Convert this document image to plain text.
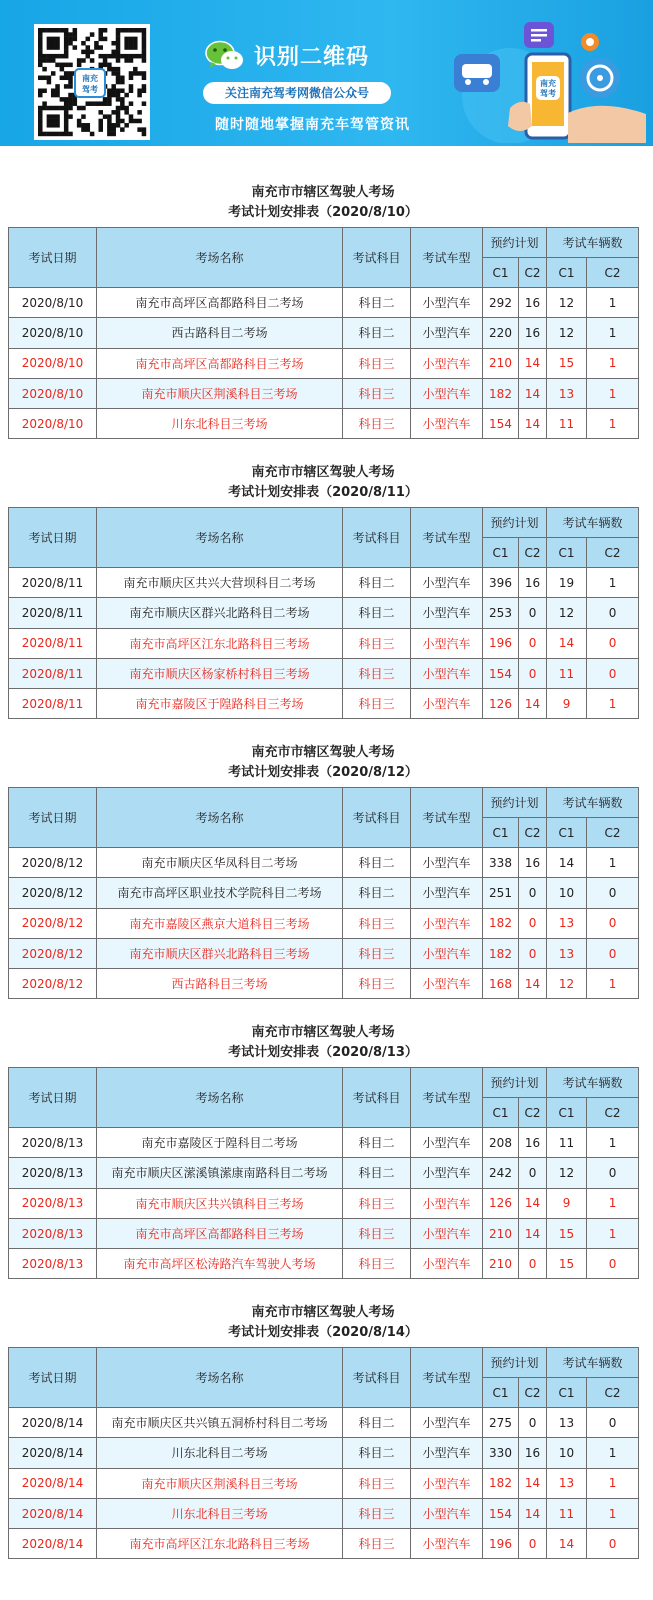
南充
驾考
识别二维码
关注南充驾考网微信公众号
随时随地掌握南充车驾管资讯
南充
驾考
南充市市辖区驾驶人考场
考试计划安排表（2020/8/10）
考试日期	考场名称	考试科目	考试车型	预约计划		考试车辆数	
				C1	C2	C1	C2
2020/8/10	南充市高坪区高都路科目二考场	科目二	小型汽车	292	16	12	1
2020/8/10	西古路科目二考场	科目二	小型汽车	220	16	12	1
2020/8/10	南充市高坪区高都路科目三考场	科目三	小型汽车	210	14	15	1
2020/8/10	南充市顺庆区荆溪科目三考场	科目三	小型汽车	182	14	13	1
2020/8/10	川东北科目三考场	科目三	小型汽车	154	14	11	1
南充市市辖区驾驶人考场
考试计划安排表（2020/8/11）
考试日期	考场名称	考试科目	考试车型	预约计划		考试车辆数	
				C1	C2	C1	C2
2020/8/11	南充市顺庆区共兴大营坝科目二考场	科目二	小型汽车	396	16	19	1
2020/8/11	南充市顺庆区群兴北路科目二考场	科目二	小型汽车	253	0	12	0
2020/8/11	南充市高坪区江东北路科目三考场	科目三	小型汽车	196	0	14	0
2020/8/11	南充市顺庆区杨家桥村科目三考场	科目三	小型汽车	154	0	11	0
2020/8/11	南充市嘉陵区于隍路科目三考场	科目三	小型汽车	126	14	9	1
南充市市辖区驾驶人考场
考试计划安排表（2020/8/12）
考试日期	考场名称	考试科目	考试车型	预约计划		考试车辆数	
				C1	C2	C1	C2
2020/8/12	南充市顺庆区华凤科目二考场	科目二	小型汽车	338	16	14	1
2020/8/12	南充市高坪区职业技术学院科目二考场	科目二	小型汽车	251	0	10	0
2020/8/12	南充市嘉陵区燕京大道科目三考场	科目三	小型汽车	182	0	13	0
2020/8/12	南充市顺庆区群兴北路科目三考场	科目三	小型汽车	182	0	13	0
2020/8/12	西古路科目三考场	科目三	小型汽车	168	14	12	1
南充市市辖区驾驶人考场
考试计划安排表（2020/8/13）
考试日期	考场名称	考试科目	考试车型	预约计划		考试车辆数	
				C1	C2	C1	C2
2020/8/13	南充市嘉陵区于隍科目二考场	科目二	小型汽车	208	16	11	1
2020/8/13	南充市顺庆区潆溪镇潆康南路科目二考场	科目二	小型汽车	242	0	12	0
2020/8/13	南充市顺庆区共兴镇科目三考场	科目三	小型汽车	126	14	9	1
2020/8/13	南充市高坪区高都路科目三考场	科目三	小型汽车	210	14	15	1
2020/8/13	南充市高坪区松涛路汽车驾驶人考场	科目三	小型汽车	210	0	15	0
南充市市辖区驾驶人考场
考试计划安排表（2020/8/14）
考试日期	考场名称	考试科目	考试车型	预约计划		考试车辆数	
				C1	C2	C1	C2
2020/8/14	南充市顺庆区共兴镇五洞桥村科目二考场	科目二	小型汽车	275	0	13	0
2020/8/14	川东北科目二考场	科目二	小型汽车	330	16	10	1
2020/8/14	南充市顺庆区荆溪科目三考场	科目三	小型汽车	182	14	13	1
2020/8/14	川东北科目三考场	科目三	小型汽车	154	14	11	1
2020/8/14	南充市高坪区江东北路科目三考场	科目三	小型汽车	196	0	14	0
